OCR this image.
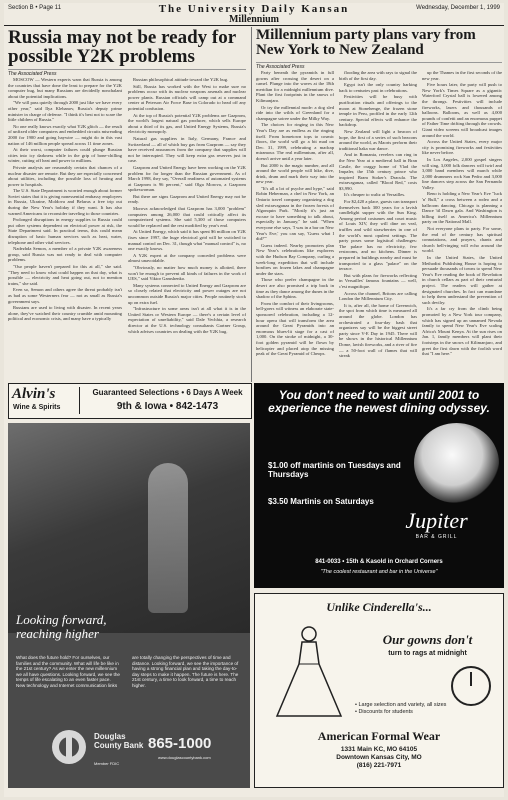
Section B • Page 11	The University Daily Kansan	Wednesday, December 1, 1999
Millennium
Russia may not be ready for possible Y2K problems
The Associated Press

MOSCOW — Western experts warn that Russia is among the countries that have done the least to prepare for the Y2K computer bug, but many Russians are decidedly nonchalant about the potential implications.

"We will pass quietly through 2000 just like we have every other year," said Ilya Klebanov, Russia's deputy prime minister in charge of defense. "I think it's best not to scare the little children of Russia."

No one really knows exactly what Y2K glitch — the result of unfixed older computers and embedded circuits misreading 2000 for 1900 and going haywire — might do in this vast nation of 146 million people spread across 11 time zones.

At their worst, computer failures could plunge Russian cities into icy darkness while in the grip of bone-chilling winter, cutting off heat and power to millions.

Private analysts are reasonably certain that chances of a nuclear disaster are remote. But they are especially concerned about utilities, including the possible loss of heating and power to hospitals.

The U.S. State Department is worried enough about former Soviet states that it is giving nonessential embassy employees in Russia, Ukraine, Moldova and Belarus a free trip out during the New Year's holiday if they want. It has also warned Americans to reconsider traveling to those countries.

Prolonged disruptions in energy supplies to Russia could put other systems dependent on electrical power at risk, the State Department said. In practical terms, this could mean disruption of basic human services such as heat, water, telephone and other vital services.

Nadezhda Semon, a member of a private Y2K awareness group, said Russia was not ready to deal with computer problems.

"Our people haven't prepared for this at all," she said. "They need to know what could happen on that day, what is possible — electricity and heat going out, not to mention trains," she said.

Even so, Semon and others agree the threat probably isn't as bad as some Westerners fear — not as small as Russia's government says.

Russians are used to living with disaster. In recent years alone, they've watched their country crumble amid mounting political and economic crisis, and many have a typically

Russian philosophical attitude toward the Y2K bug.

Still, Russia has worked with the West to make sure no problems occur with its nuclear weapons arsenals and nuclear power plants. Russian officials will camp out at a command center at Peterson Air Force Base in Colorado to head off any potential confusion.

At the top of Russia's potential Y2K problems are Gazprom, the world's largest natural gas producer, which sells Europe about a third of its gas, and United Energy Systems, Russia's electricity monopoly.

Natural gas suppliers in Italy, Germany, France and Switzerland — all of which buy gas from Gazprom — say they have received assurances from the company that supplies will not be interrupted. They will keep extra gas reserves just in case.

Gazprom and United Energy have been working on the Y2K problem for far longer than the Russian government. As of March 1998, they say, "Overall readiness of automated systems at Gazprom is 96 percent," said Olga Morova, a Gazprom spokeswoman.

But there are signs Gazprom and United Energy may not be ready.

Morova acknowledged that Gazprom has 3,000 "problem" computers among 26,000 that could critically affect its computerized systems. She said 5,300 of those computers would be replaced and the rest modified by year's end.

At United Energy, which said it has spent $6 million on Y2K fixes since 1997, the huge electrical grid will be switched to manual control on Dec. 31, though what "manual control" is, no one exactly knows.

A Y2K expert at the company conceded problems were almost unavoidable.

"Obviously, no matter how much money is allotted, there won't be enough to prevent all kinds of failures in the work of UES," said Viktor Gamshenko.

Many systems connected to United Energy and Gazprom are so closely related that electricity and power outages are not uncommon outside Russia's major cities. People routinely stock up on extra fuel.

"Infrastructure in some areas isn't at all what it is in the United States or Western Europe — there's a certain level of expectation of unreliability," said Dale Vechhia, a research director at the U.S. technology consultants Gartner Group, which advises countries on dealing with the Y2K bug.

Millennium party plans vary from New York to New Zealand
The Associated Press

Party beneath the pyramids in full gowns after crossing the desert on a camel. Plunge into the waves at the 18th meridian for a midnight millennium dive. Plant the first footprints in the snows of Kilimanjaro.

Or try the millennial mode: a dog sled ride into the wilds of Greenland for a champagne soiree under the Milky Way.

The choices for ringing in this New Year's Day are as endless as the ringing itself. From hometown tops to cosmic floors, the world will go a bit mad on Dec. 31, 1999, celebrating a madcap miramour. The real millennium, after all, doesn't arrive until a year later.

But 2000 is the magic number, and all around the world people will hike, dive, drink, drum and mark their way into the new year.

"It's all a lot of psyche and hype," said Robin Heberman, a chef in New York, an Ontario travel company organizing a dog sled extravaganza in the frozen forests of Algonquin Park. "Mostly it's just an excuse to have something to talk about, especially in January," he said. "When everyone else says, 'I was in a bar on New Year's Eve,' you can say, 'Guess what I did?'"

Guess indeed. Nearby promoters plan New Year's celebrations like explorers with the Hudson Bay Company, curling a week-long expedition that will include bonfires on frozen lakes and champagne under the stars.

Those who prefer champagne in the desert are also promised a trip back in time as they dance among the dunes in the shadow of the Sphinx.

From the comfort of their livingrooms, bell-goers will witness an elaborate state-sponsored celebration, including a 12-hour opera that will transform the area around the Great Pyramids into an enormous blues-lit stage for a cast of 1,000. On the stroke of midnight, a 30-foot golden pyramid will be flown by helicopter and placed atop the missing peak of the Great Pyramid of Cheops.

flooding the area with rays to signal the birth of the first day.

Egypt isn't the only country harking back to centuries past in celebrations.

Festivities will be busy with purification rituals and offerings to the moon at Stonehenge, the frozen stone temple in Peru, profiled in the early 12th century. Special effects will enhance the backdrop.

New Zealand will light a beacon of hope, the first of a series of such beacons around the world, as Maoris perform their traditional haka war dance.

And in Romania, revelers can ring in the New Year at a medieval ball in Bran Castle, the craggy home of Vlad the Impaler, the 15th century prince who inspired Bram Stoker's Dracula. The extravaganza, called "Blood Red," costs $3,990.

It's cheaper to waltz at Versailles.

For $2,420 a place, guests can transport themselves back 300 years for a lavish candlelight supper with the Sun King. Among period costumes and court music of Louis XIV, they will dine on veal, truffles and wild strawberries in one of the world's most opulent settings. The party poses some logistical challenges: The palace has no electricity, few restrooms, and no kitchens. Dinner is prepared in buildings nearby and must be transported to a glass "palace" on the terrace.

But with plans for fireworks reflecting in Versailles' famous fountains — well, c'est magnifique.

Across the channel, Britons are calling London the Millennium City.

It is, after all, the home of Greenwich, the spot from which time is measured all around the globe. London has orchestrated a four-day bash that organizers say will be the biggest street party since V-E Day in 1945. There will be shows in the historical Millennium Dome, lavish fireworks, and a river of fire — a 50-foot wall of flames that will streak

up the Thames in the first seconds of the new year.

Five hours later, the party will push to New York's Times Square as a gigantic Waterford Crystal ball is lowered among the throngs. Festivities will include fireworks, lasers and thousands of balloons. Balloons, as well as 4,000 pounds of confetti and an enormous puppet of Father Time drifting through the crowds. Giant video screens will broadcast images around the world.

Across the United States, every major city is promising fireworks and festivities like never before.

In Los Angeles, 2,000 gospel singers will sing, 3,000 folk dancers will twirl and 3,000 band members will march while 2,000 drummers rock San Pedro and 3,000 line dancers step across the San Fernando Valley.

Reno is holding a New Year's Eve "luck 'n' Bull," a cross between a rodeo and a ballroom dancing. Chicago is planning a Dance 'til Dawn gala. And Washington is billing itself as America's Millennium party on the National Mall.

Not everyone plans to party. For some, the end of the century has spiritual connotations, and prayers, chants and church bell-ringing will echo around the world.

In the United States, the United Methodist Publishing House is hoping to persuade thousands of towns to spend New Year's Eve reading the book of Revelation in church cellars as part of their centurial project. The readers will gather at designated churches. In fact can mundane to help them understand the prevention of such devilry.

It's a far cry from the climb being promoted by a New York tour company, which has signed up an unnamed Nevada family to spend New Year's Eve scaling Africa's Mount Kenya. At the sun rises on Jan. 1, family members will plant their footsteps in the snows of Kilimanjaro, and greet the first dawn with the foolish word that "I am here."

Alvin's
Wine & Spirits
Guaranteed Selections • 6 Days A Week
9th & Iowa • 842-1473
Looking forward, reaching higher
What does the future hold? For ourselves, our families and the community. What will life be like in the 21st century? As we enter the new millennium we all have questions. Looking forward, we see the temps of life escalating to an even faster pace. New technology and Internet communication links
are totally changing the perspectives of time and distance. Looking forward, we see the importance of having a strong financial plan and taking the day-to-day steps to make it happen. The future is here. The 21st century, a time to look forward, a time to reach higher.
Douglas County Bank
Member FDIC
865-1000
www.douglascountybank.com
You don't need to wait until 2001 to experience the newest dining odyssey.
$1.00 off martinis on Tuesdays and Thursdays
$3.50 Martinis on Saturdays
Jupiter
BAR & GRILL
841-0033 • 15th & Kasold in Orchard Corners
"The coolest restaurant and bar in the Universe"
Unlike Cinderella's...
Our gowns don't
turn to rags at midnight
• Large selection and variety, all sizes
• Discounts for students
American Formal Wear
1331 Main KC, MO 64105
Downtown Kansas City, MO
(816) 221-7971
